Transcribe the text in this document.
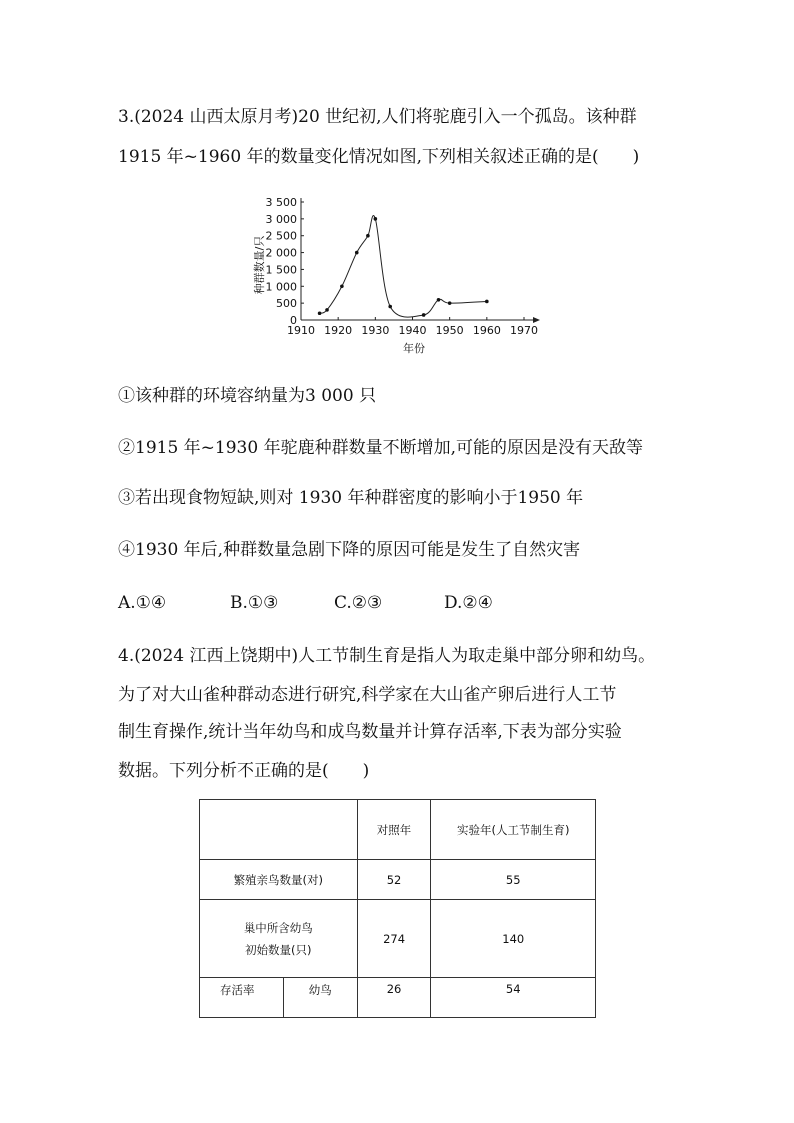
3.(2024 山西太原月考)20 世纪初,人们将驼鹿引入一个孤岛。该种群
1915 年~1960 年的数量变化情况如图,下列相关叙述正确的是(　　)
1910 1920 1930 1940 1950 1960 1970
0
500
1 000
1 500
2 000
2 500
3 000
3 500
年份
种群数量/只
①该种群的环境容纳量为3 000 只
②1915 年~1930 年驼鹿种群数量不断增加,可能的原因是没有天敌等
③若出现食物短缺,则对 1930 年种群密度的影响小于1950 年
④1930 年后,种群数量急剧下降的原因可能是发生了自然灾害
A.①④	B.①③	C.②③	D.②④
4.(2024 江西上饶期中)人工节制生育是指人为取走巢中部分卵和幼鸟。
为了对大山雀种群动态进行研究,科学家在大山雀产卵后进行人工节
制生育操作,统计当年幼鸟和成鸟数量并计算存活率,下表为部分实验
数据。下列分析不正确的是(　　)
		对照年	实验年(人工节制生育)
繁殖亲鸟数量(对)		52	55

巢中所含幼鸟
初始数量(只)		274	140
存活率	幼鸟	26	54
